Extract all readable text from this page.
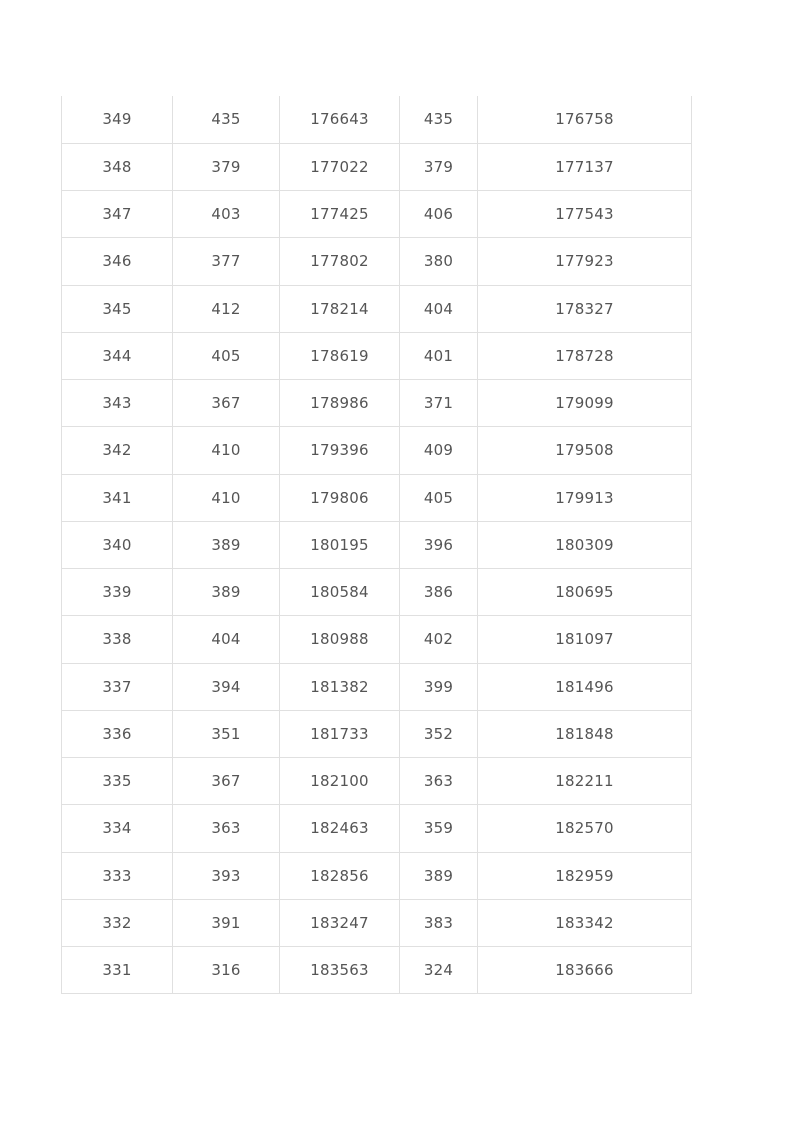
349	435	176643	435	176758
348	379	177022	379	177137
347	403	177425	406	177543
346	377	177802	380	177923
345	412	178214	404	178327
344	405	178619	401	178728
343	367	178986	371	179099
342	410	179396	409	179508
341	410	179806	405	179913
340	389	180195	396	180309
339	389	180584	386	180695
338	404	180988	402	181097
337	394	181382	399	181496
336	351	181733	352	181848
335	367	182100	363	182211
334	363	182463	359	182570
333	393	182856	389	182959
332	391	183247	383	183342
331	316	183563	324	183666
